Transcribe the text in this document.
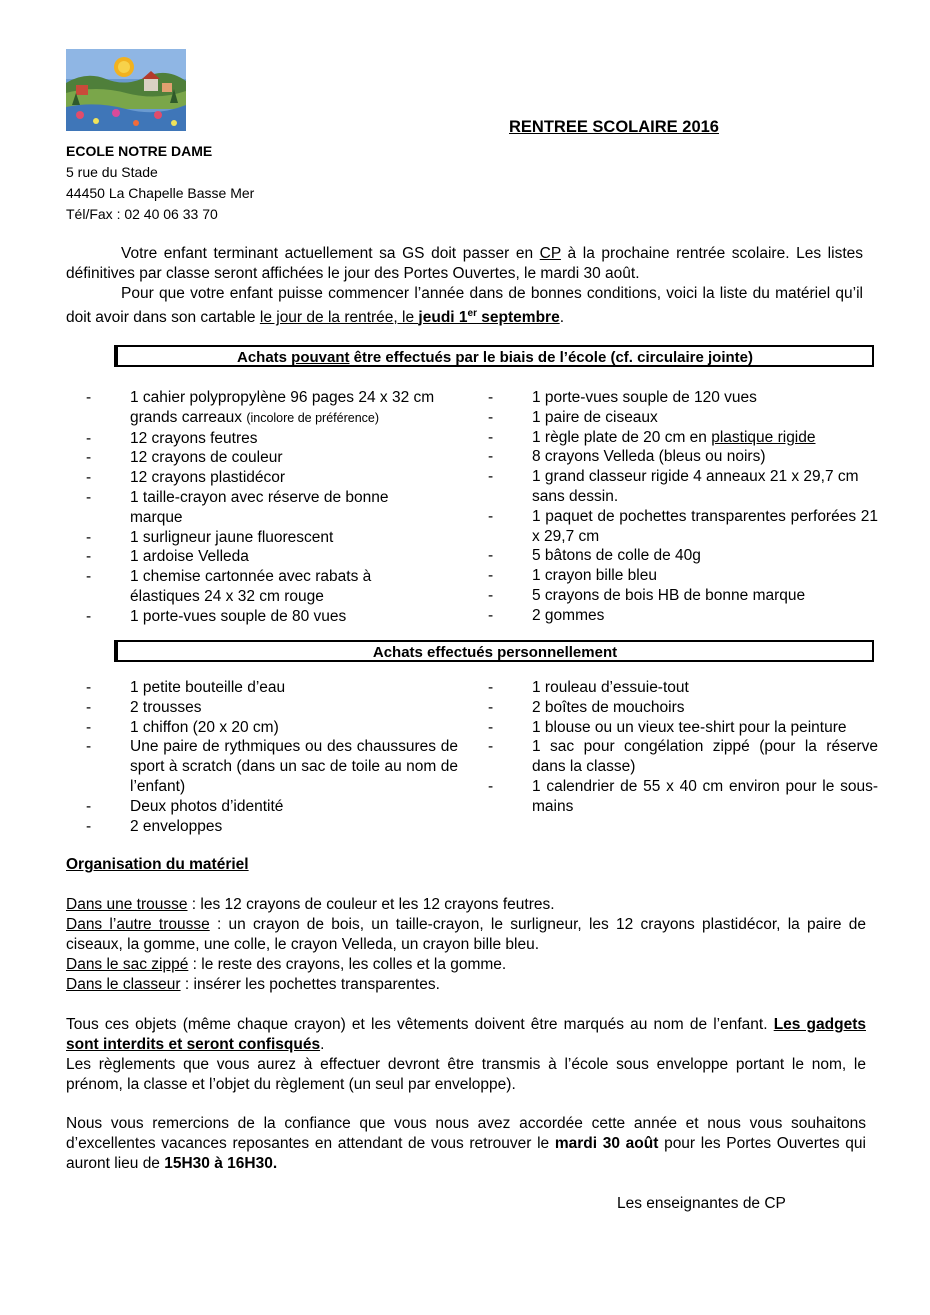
RENTREE SCOLAIRE 2016
ECOLE NOTRE DAME
5 rue du Stade
44450 La Chapelle Basse Mer
Tél/Fax : 02 40 06 33 70

Votre enfant terminant actuellement sa GS doit passer en CP à la prochaine rentrée scolaire. Les listes définitives par classe seront affichées le jour des Portes Ouvertes, le mardi 30 août.

Pour que votre enfant puisse commencer l’année dans de bonnes conditions, voici la liste du matériel qu’il doit avoir dans son cartable le jour de la rentrée, le jeudi 1er septembre.

Achats pouvant être effectués par le biais de l’école (cf. circulaire jointe)
-	1 cahier polypropylène 96 pages 24 x 32 cm grands carreaux (incolore de préférence)
-	12 crayons feutres
-	12 crayons de couleur
-	12 crayons plastidécor
-	1 taille-crayon avec réserve de bonne marque
-	1 surligneur jaune fluorescent
-	1 ardoise Velleda
-	1 chemise cartonnée avec rabats à élastiques 24 x 32 cm rouge
-	1 porte-vues souple de 80 vues
-	1 porte-vues souple de 120 vues
-	1 paire de ciseaux
-	1 règle plate de 20 cm en plastique rigide
-	8 crayons Velleda (bleus ou noirs)
-	1 grand classeur rigide 4 anneaux 21 x 29,7 cm sans dessin.
-	1 paquet de pochettes transparentes perforées 21 x 29,7 cm
-	5 bâtons de colle de 40g
-	1 crayon bille bleu
-	5 crayons de bois HB de bonne marque
-	2 gommes
Achats effectués personnellement
-	1 petite bouteille d’eau
-	2 trousses
-	1 chiffon (20 x 20 cm)
-	Une paire de rythmiques ou des chaussures de sport à scratch (dans un sac de toile au nom de l’enfant)
-	Deux photos d’identité
-	2 enveloppes
-	1 rouleau d’essuie-tout
-	2 boîtes de mouchoirs
-	1 blouse ou un vieux tee-shirt pour la peinture
-	1 sac pour congélation zippé (pour la réserve dans la classe)
-	1 calendrier de 55 x 40 cm environ pour le sous-mains
Organisation du matériel
Dans une trousse : les 12 crayons de couleur et les 12 crayons feutres.
Dans l’autre trousse : un crayon de bois, un taille-crayon, le surligneur, les 12 crayons plastidécor, la paire de ciseaux, la gomme, une colle, le crayon Velleda, un crayon bille bleu.
Dans le sac zippé : le reste des crayons, les colles et la gomme.
Dans le classeur : insérer les pochettes transparentes.
Tous ces objets (même chaque crayon) et les vêtements doivent être marqués au nom de l’enfant. Les gadgets sont interdits et seront confisqués.
Les règlements que vous aurez à effectuer devront être transmis à l’école sous enveloppe portant le nom, le prénom, la classe et l’objet du règlement (un seul par enveloppe).
Nous vous remercions de la confiance que vous nous avez accordée cette année et nous vous souhaitons d’excellentes vacances reposantes en attendant de vous retrouver le mardi 30 août pour les Portes Ouvertes qui auront lieu de 15H30 à 16H30.
Les enseignantes de CP
